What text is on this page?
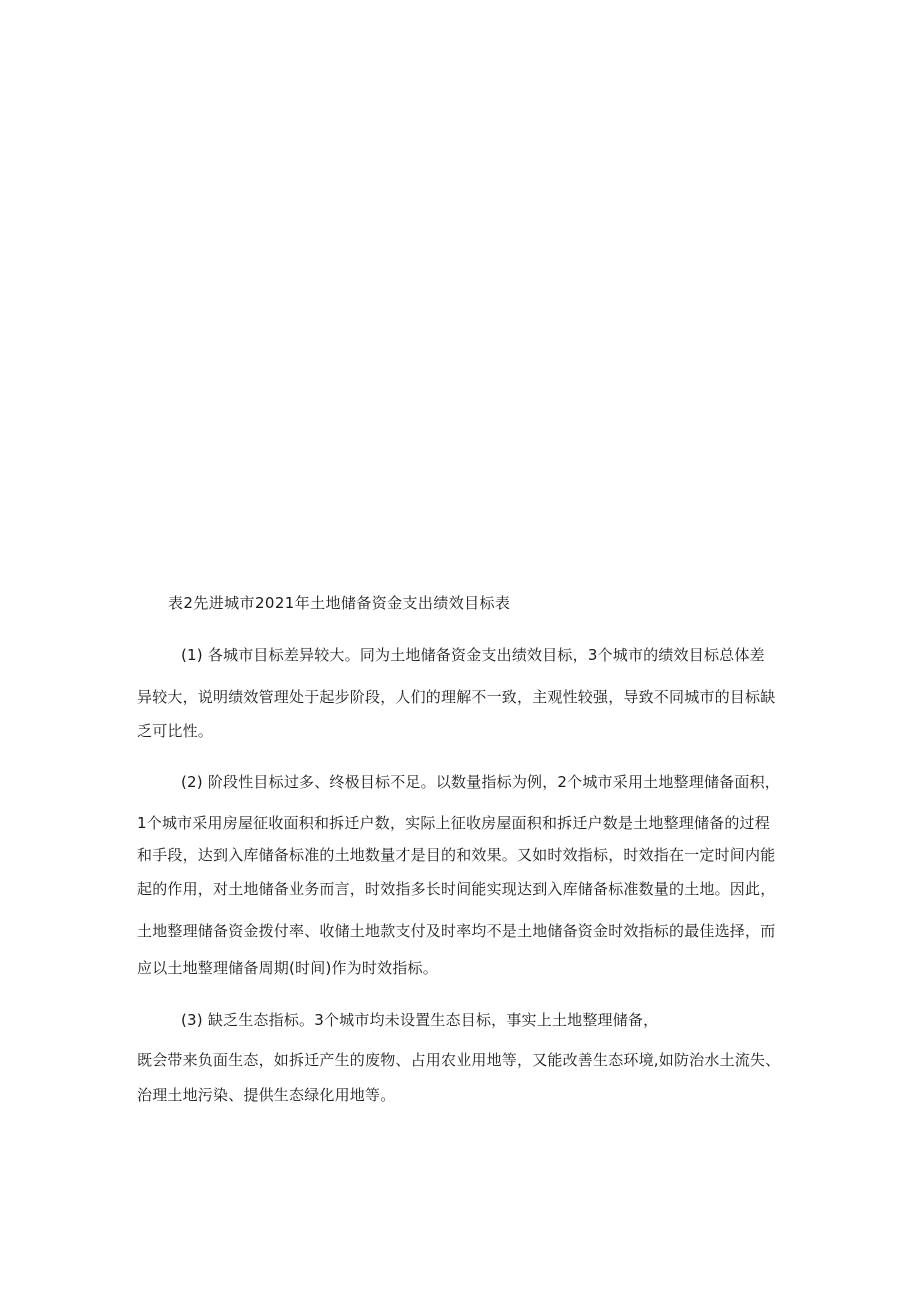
表2先进城市2021年土地储备资金支出绩效目标表
(1) 各城市目标差异较大。同为土地储备资金支出绩效目标，3个城市的绩效目标总体差
异较大，说明绩效管理处于起步阶段，人们的理解不一致，主观性较强，导致不同城市的目标缺
乏可比性。
(2) 阶段性目标过多、终极目标不足。以数量指标为例，2个城市采用土地整理储备面积，
1个城市采用房屋征收面积和拆迁户数，实际上征收房屋面积和拆迁户数是土地整理储备的过程
和手段，达到入库储备标准的土地数量才是目的和效果。又如时效指标，时效指在一定时间内能
起的作用，对土地储备业务而言，时效指多长时间能实现达到入库储备标准数量的土地。因此，
土地整理储备资金拨付率、收储土地款支付及时率均不是土地储备资金时效指标的最佳选择，而
应以土地整理储备周期(时间)作为时效指标。
(3) 缺乏生态指标。3个城市均未设置生态目标，事实上土地整理储备，
既会带来负面生态，如拆迁产生的废物、占用农业用地等，又能改善生态环境,如防治水土流失、
治理土地污染、提供生态绿化用地等。
